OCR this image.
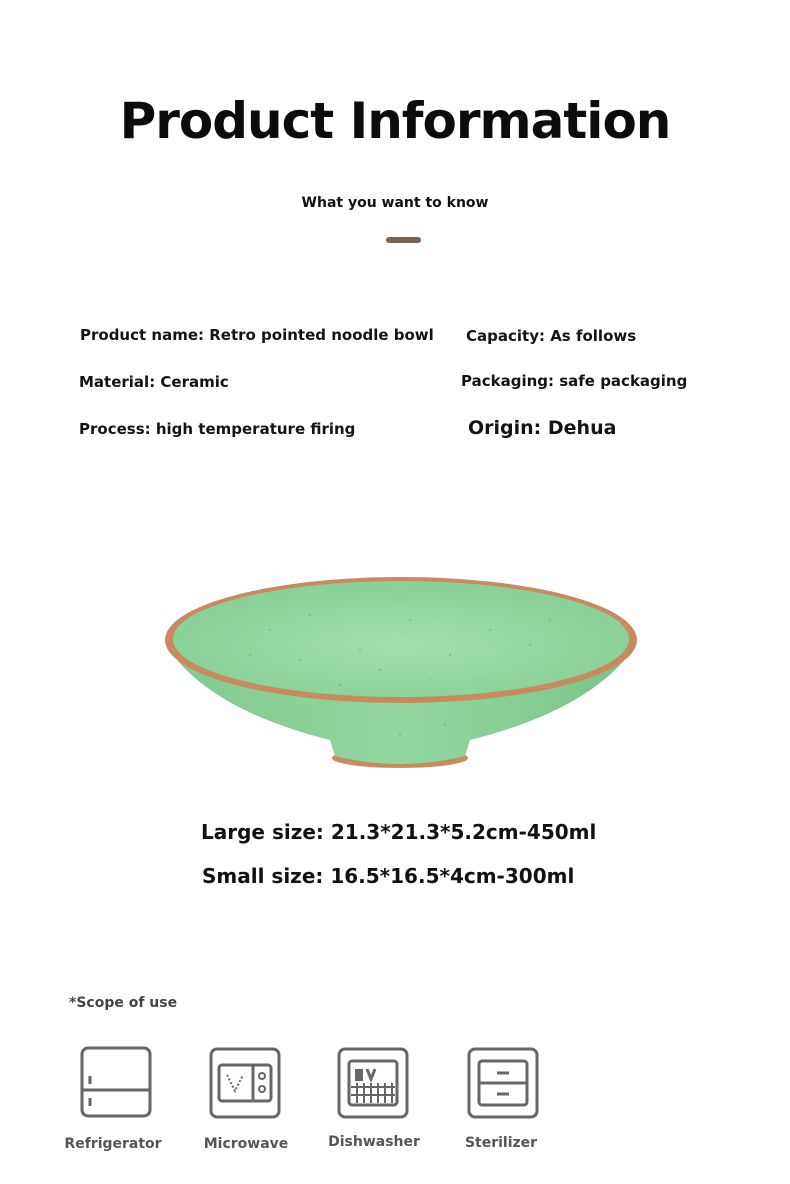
Product Information
What you want to know
Product name: Retro pointed noodle bowl Capacity: As follows
Material: Ceramic	Packaging: safe packaging
Process: high temperature firing	Origin: Dehua
Large size: 21.3*21.3*5.2cm-450ml
Small size: 16.5*16.5*4cm-300ml
*Scope of use
Refrigerator	Microwave	Dishwasher	Sterilizer
